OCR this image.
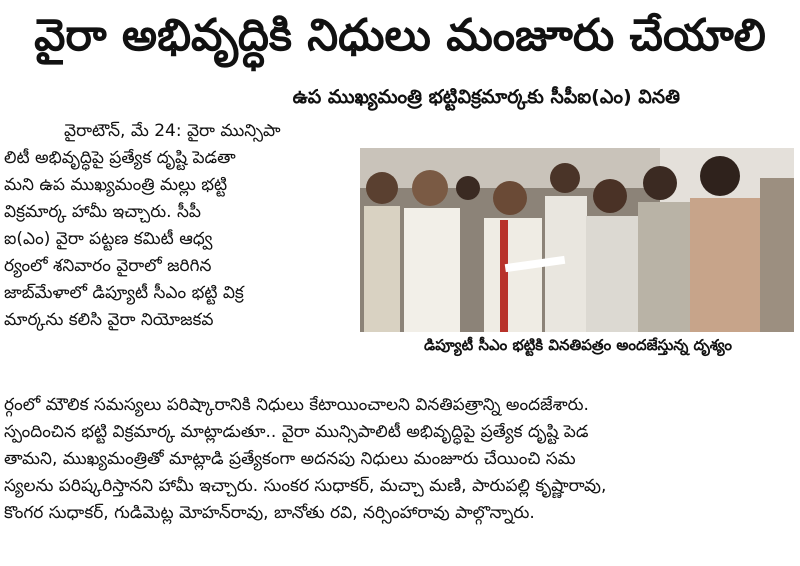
వైరా అభివృద్ధికి నిధులు మంజూరు చేయాలి
ఉప ముఖ్యమంత్రి భట్టివిక్రమార్కకు సీపీఐ(ఎం) వినతి
వైరాటౌన్, మే 24: వైరా మున్సిపా
లిటీ అభివృద్ధిపై ప్రత్యేక దృష్టి పెడతా
మని ఉప ముఖ్యమంత్రి మల్లు భట్టి
విక్రమార్క హామీ ఇచ్చారు. సీపీ
ఐ(ఎం) వైరా పట్టణ కమిటీ ఆధ్వ
ర్యంలో శనివారం వైరాలో జరిగిన
జాబ్‌మేళాలో డిప్యూటీ సీఎం భట్టి విక్ర
మార్కను కలిసి వైరా నియోజకవ
డిప్యూటీ సీఎం భట్టికి వినతిపత్రం అందజేస్తున్న దృశ్యం
ర్గంలో మౌలిక సమస్యలు పరిష్కారానికి నిధులు కేటాయించాలని వినతిపత్రాన్ని అందజేశారు.
స్పందించిన భట్టి విక్రమార్క మాట్లాడుతూ.. వైరా మున్సిపాలిటీ అభివృద్ధిపై ప్రత్యేక దృష్టి పెడ
తామని, ముఖ్యమంత్రితో మాట్లాడి ప్రత్యేకంగా అదనపు నిధులు మంజూరు చేయించి సమ
స్యలను పరిష్కరిస్తానని హామీ ఇచ్చారు. సుంకర సుధాకర్, మచ్చా మణి, పారుపల్లి కృష్ణారావు,
కొంగర సుధాకర్, గుడిమెట్ల మోహన్‌రావు, బానోతు రవి, నర్సింహారావు పాల్గొన్నారు.
